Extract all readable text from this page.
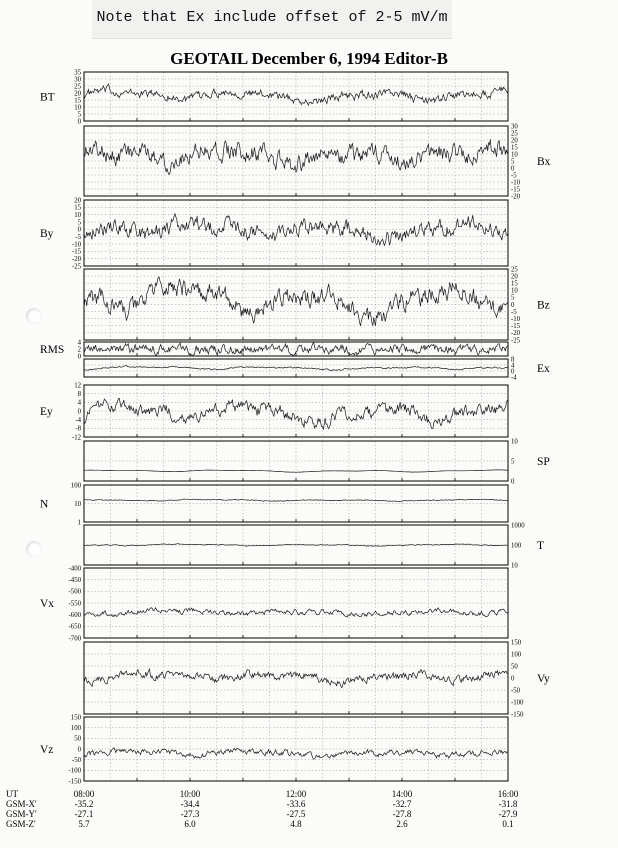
Note that Ex include offset of 2-5 mV/m
GEOTAIL December 6, 1994 Editor-B
35
30
25
20
15
10
5
0
BT
30
25
20
15
10
5
0
-5
-10
-15
-20
Bx
20
15
10
5
0
-5
-10
-15
-20
-25
By
25
20
15
10
5
0
-5
-10
-15
-20
-25
Bz
4
2
0
RMS
8
4
0
-4
Ex
12
8
4
0
-4
-8
-12
Ey
10
5
0
SP
100
10
1
N
1000
100
10
T
-400
-450
-500
-550
-600
-650
-700
Vx
150
100
50
0
-50
-100
-150
Vy
150
100
50
0
-50
-100
-150
Vz
UT
GSM-X'
GSM-Y'
GSM-Z'
08:00
-35.2
-27.1
5.7
10:00
-34.4
-27.3
6.0
12:00
-33.6
-27.5
4.8
14:00
-32.7
-27.8
2.6
16:00
-31.8
-27.9
0.1
